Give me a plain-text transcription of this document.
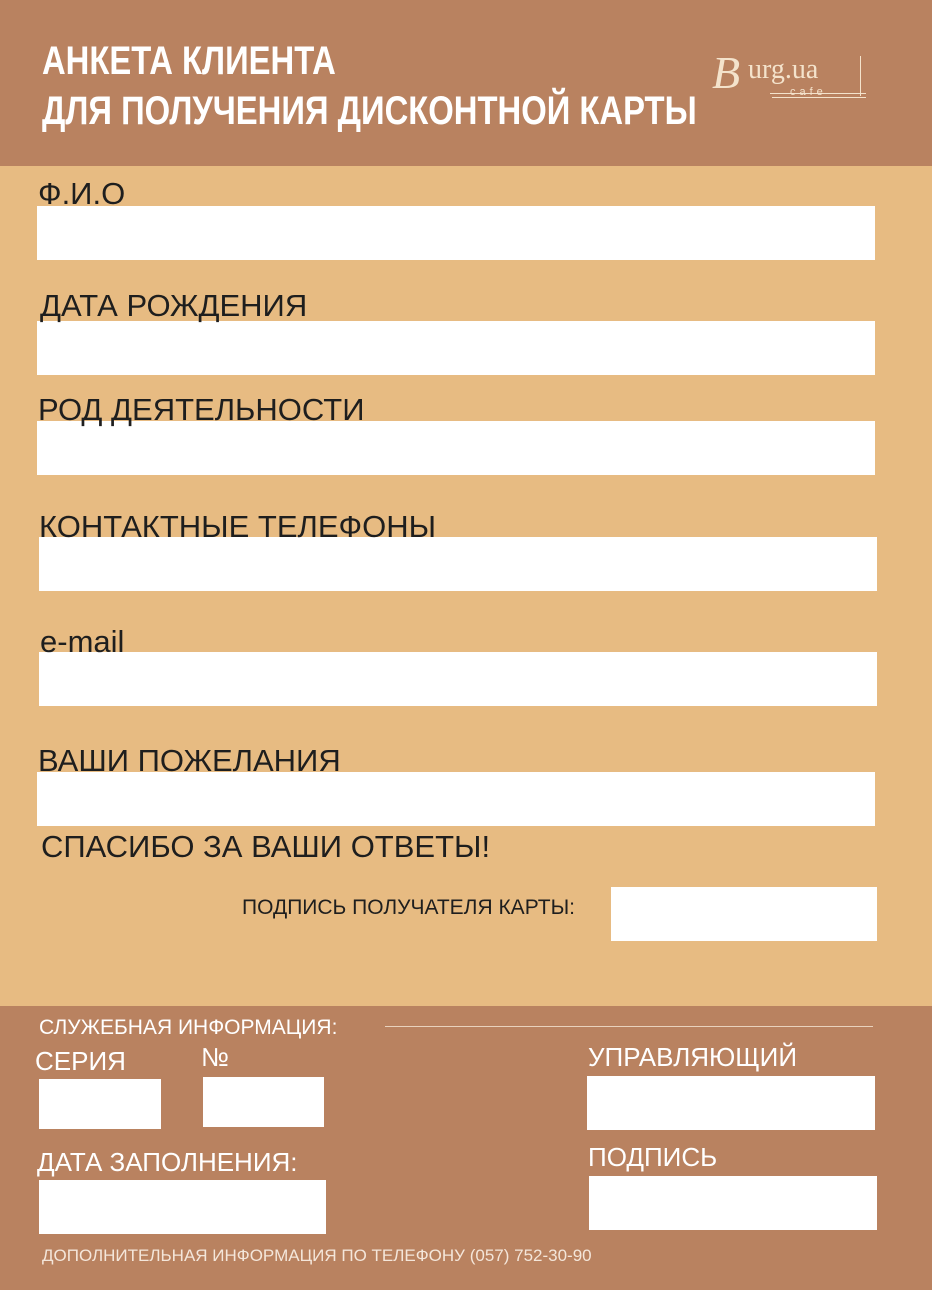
АНКЕТА КЛИЕНТА
ДЛЯ ПОЛУЧЕНИЯ ДИСКОНТНОЙ КАРТЫ
B urg.ua
cafe

Ф.И.О

ДАТА РОЖДЕНИЯ

РОД ДЕЯТЕЛЬНОСТИ

КОНТАКТНЫЕ ТЕЛЕФОНЫ

e-mail

ВАШИ ПОЖЕЛАНИЯ

СПАСИБО ЗА ВАШИ ОТВЕТЫ!

ПОДПИСЬ ПОЛУЧАТЕЛЯ КАРТЫ:

СЛУЖЕБНАЯ ИНФОРМАЦИЯ:

СЕРИЯ	№	УПРАВЛЯЮЩИЙ

ДАТА ЗАПОЛНЕНИЯ:	ПОДПИСЬ

ДОПОЛНИТЕЛЬНАЯ ИНФОРМАЦИЯ ПО ТЕЛЕФОНУ (057) 752-30-90
